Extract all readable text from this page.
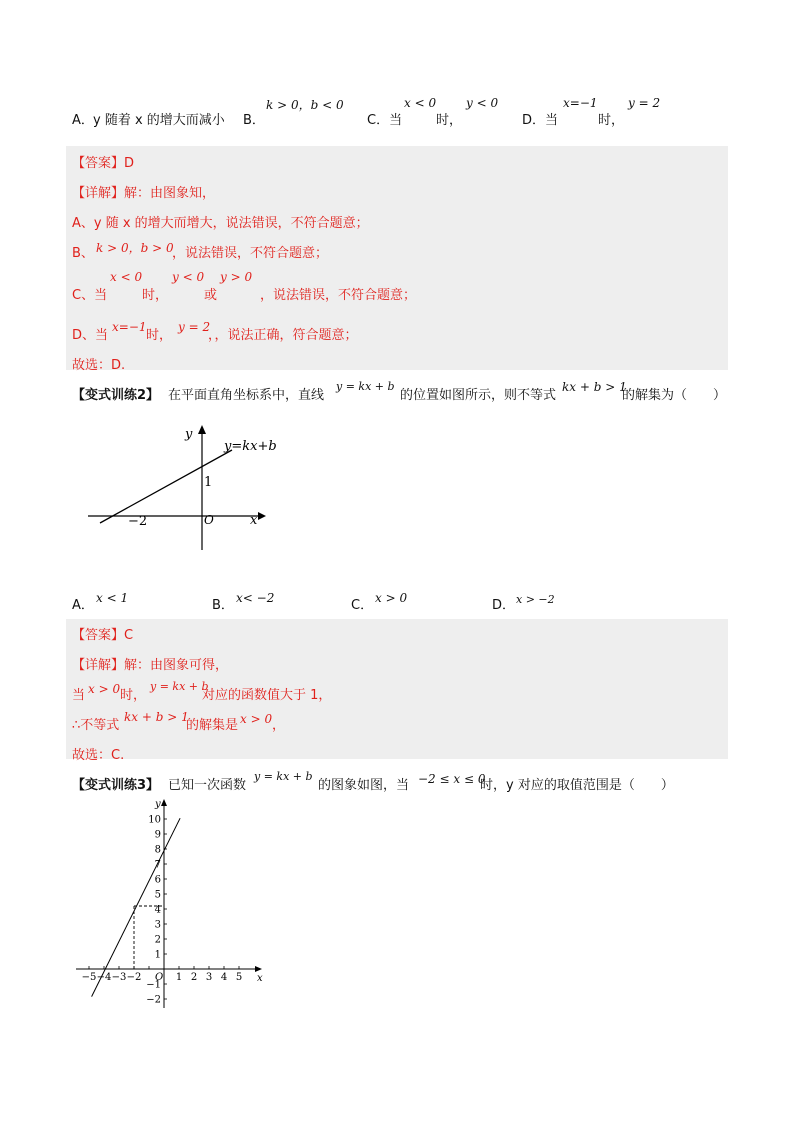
A． y 随着 x 的增大而减小 B．
k > 0，b < 0
C．当
x < 0
时，
y < 0
D．当
x=−1
时，
y = 2
【答案】D
【详解】解：由图象知，
A、y 随 x 的增大而增大，说法错误，不符合题意；
B、 k > 0，b > 0
，说法错误，不符合题意；
C、当
x < 0
时，
y < 0
或
y > 0
，说法错误，不符合题意；
D、当
x=−1
时，
y = 2
，，说法正确，符合题意；
故选：D.
【变式训练2】 在平面直角坐标系中，直线
y = kx + b
的位置如图所示，则不等式
kx + b > 1
的解集为（　　）
y=kx+b
y
x
O
1
−2
A． x < 1	B． x< −2	C． x > 0	D． x > −2
【答案】C
【详解】解：由图象可得，
当 x > 0 时，
y = kx + b
对应的函数值大于 1，
∴不等式
kx + b > 1
的解集是 x > 0 ，
故选：C.
【变式训练3】 已知一次函数
y = kx + b
的图象如图，当 −2 ≤ x ≤ 0
时，y 对应的取值范围是（　　）
−5 −4 −3 −2	1 2 3 4 5
10
9
8
7
6
5
4
3
2
1
−1
−2
y
x
O
